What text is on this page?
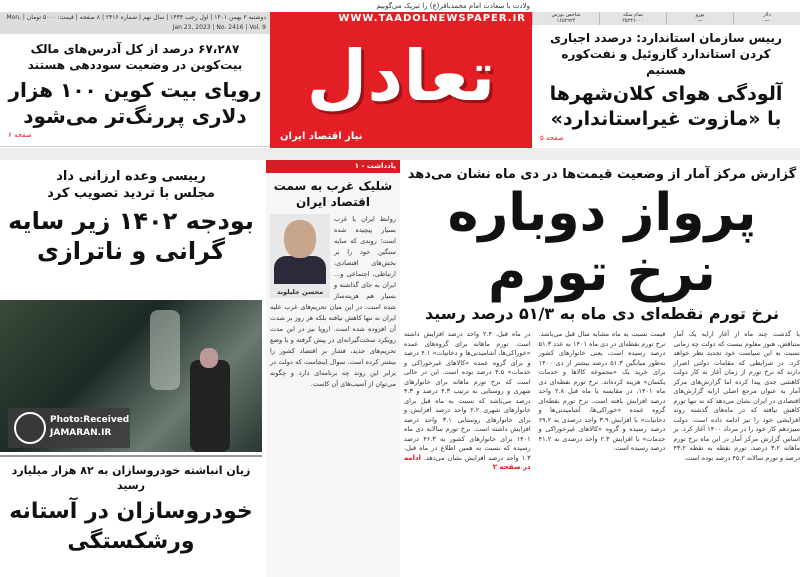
ولادت با سعادت امام محمدباقر(ع) را تبریک می‌گوییم
دوشنبه ۳ بهمن ۱۴۰۱ | اول رجب ۱۴۴۴ | سال نهم | شماره ۲۴۱۶ | ۸ صفحه | قیمت: ۵۰۰۰ تومان | Mon, Jan 23, 2023 | No. 2416 | Vol. 9
۶۷،۲۸۷ درصد از کل آدرس‌های مالک بیت‌کوین در وضعیت سوددهی هستند
رویای بیت کوین ۱۰۰ هزار دلاری پررنگ‌تر می‌شود
صفحه ۶
WWW.TAADOLNEWSPAPER.IR
تعادل
نیاز اقتصاد ایران
دلار
—
یورو
—
تمام سکه
۲۵۲۴۶۰۰۰
شاخص بورس
۱۶۵۲۹۲۴
رییس سازمان استاندارد: درصدد اجباری کردن استاندارد گازوئیل و نفت‌کوره هستیم
آلودگی هوای کلان‌شهرها با «مازوت غیراستاندارد»
صفحه ۵
رییسی وعده ارزانی داد
مجلس با تردید تصویب کرد
بودجه ۱۴۰۲ زیر سایه گرانی و ناترازی
Photo:Received
JAMARAN.IR
زیان انباشته خودروسازان به ۸۲ هزار میلیارد رسید
خودروسازان در آستانه ورشکستگی
یادداشت - ۱
شلیک غرب به سمت اقتصاد ایران
محسن جلیلوند
روابط ایران با غرب بسیار پیچیده شده است؛ روندی که سایه سنگین خود را بر بخش‌های اقتصادی، ارتباطی، اجتماعی و... ایران به جای گذاشته و بسیار هم هزینه‌ساز شده است. در این میان تحریم‌های غرب علیه ایران نه تنها کاهش نیافته بلکه هر روز بر شدت آن افزوده شده است. اروپا نیز در این مدت رویکرد سخت‌گیرانه‌ای در پیش گرفته و با وضع تحریم‌های جدید، فشار بر اقتصاد کشور را بیشتر کرده است. سوال اینجاست که دولت در برابر این روند چه برنامه‌ای دارد و چگونه می‌توان از آسیب‌های آن کاست.
گزارش مرکز آمار از وضعیت قیمت‌ها در دی ماه نشان می‌دهد
پرواز دوباره
نرخ تورم
نرخ تورم نقطه‌ای دی ماه به ۵۱/۳ درصد رسید
با گذشت چند ماه از آغاز ارایه یک آمار متناقض، هنوز معلوم نیست که دولت چه زمانی نسبت به این سیاست خود تجدید نظر خواهد کرد. در شرایطی که مقامات دولتی اصرار دارند که نرخ تورم از زمان آغاز به کار دولت کاهشی جدی پیدا کرده اما گزارش‌های مرکز آمار به عنوان مرجع اصلی ارایه گزارش‌های اقتصادی در ایران نشان می‌دهد که نه تنها تورم کاهش نیافته که در ماه‌های گذشته روند افزایشی خود را نیز ادامه داده است. دولت سیزدهم کار خود را در مرداد ۱۴۰۰ آغاز کرد. بر اساس گزارش مرکز آمار در این ماه نرخ تورم ماهانه ۳.۲ درصد، تورم نقطه به نقطه ۴۳.۲ درصد و تورم سالانه ۴۵.۲ درصد بوده است.
قیمت نسبت به ماه مشابه سال قبل می‌باشد. نرخ تورم نقطه‌ای در دی ماه ۱۴۰۱ به عدد ۵۱.۳ درصد رسیده است، یعنی خانوارهای کشور به‌طور میانگین ۵۱.۳ درصد بیشتر از دی ۱۴۰۰ برای خرید یک «مجموعه کالاها و خدمات یکسان» هزینه کرده‌اند. نرخ تورم نقطه‌ای دی ماه ۱۴۰۱، در مقایسه با ماه قبل ۲.۸ واحد درصد افزایش یافته است. نرخ تورم نقطه‌ای گروه عمده «خوراکی‌ها، آشامیدنی‌ها و دخانیات» با افزایش ۳.۹ واحد درصدی به ۶۹.۲ درصد رسیده و گروه «کالاهای غیرخوراکی و خدمات» با افزایش ۲.۳ واحد درصدی به ۴۱.۲ درصد رسیده است.
در ماه قبل، ۲.۴ واحد درصد افزایش داشته است. تورم ماهانه برای گروه‌های عمده «خوراکی‌ها، آشامیدنی‌ها و دخانیات» ۴.۱ درصد و برای گروه عمده «کالاهای غیرخوراکی و خدمات» ۴.۵ درصد بوده است. این در حالی است که نرخ تورم ماهانه برای خانوارهای شهری و روستایی به ترتیب ۴.۳ درصد و ۴.۳ درصد می‌باشد که نسبت به ماه قبل برای خانوارهای شهری ۲.۲ واحد درصد افزایش و برای خانوارهای روستایی ۳.۱ واحد درصد افزایش داشته است. نرخ تورم سالانه دی ماه ۱۴۰۱ برای خانوارهای کشور به ۴۶.۳ درصد رسیده که نسبت به همین اطلاع در ماه قبل، ۱.۳ واحد درصد افزایش نشان می‌دهد. ادامه در صفحه ۲
